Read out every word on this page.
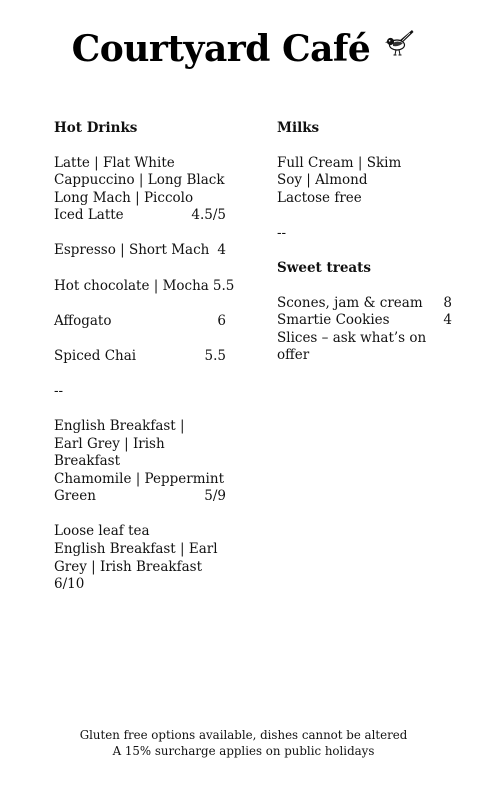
Courtyard Café
Hot Drinks
Latte | Flat White
Cappuccino | Long Black
Long Mach | Piccolo
Iced Latte	4.5/5
Espresso | Short Mach 4
Hot chocolate | Mocha 5.5
Affogato	6
Spiced Chai	5.5
--
English Breakfast |
Earl Grey | Irish Breakfast
Chamomile | Peppermint
Green	5/9
Loose leaf tea
English Breakfast | Earl
Grey | Irish Breakfast 6/10
Milks
Full Cream | Skim
Soy | Almond
Lactose free
--
Sweet treats
Scones, jam & cream 8
Smartie Cookies	4
Slices – ask what’s on offer
Gluten free options available, dishes cannot be altered
A 15% surcharge applies on public holidays
